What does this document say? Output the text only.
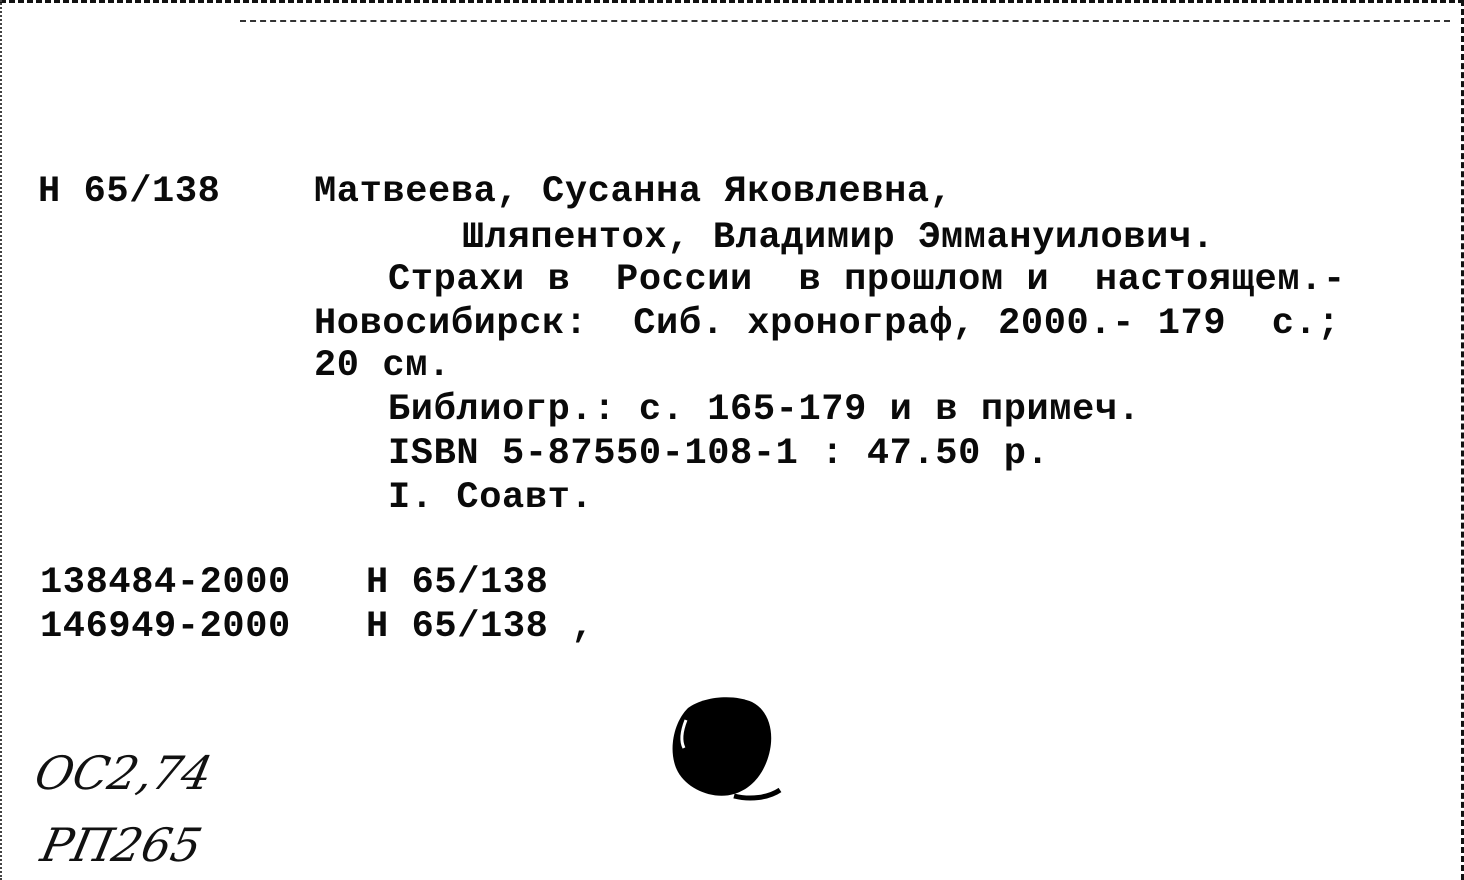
Н 65/138	Матвеева, Сусанна Яковлевна,
Шляпентох, Владимир Эммануилович.
Страхи в  России  в прошлом и  настоящем.-
Новосибирск:  Сиб. хронограф, 2000.- 179  с.;
20 см.
Библиогр.: с. 165-179 и в примеч.
ISBN 5-87550-108-1 : 47.50 р.
I. Соавт.
138484-2000 Н 65/138
146949-2000 Н 65/138 ,
ОС2,74
РП265
